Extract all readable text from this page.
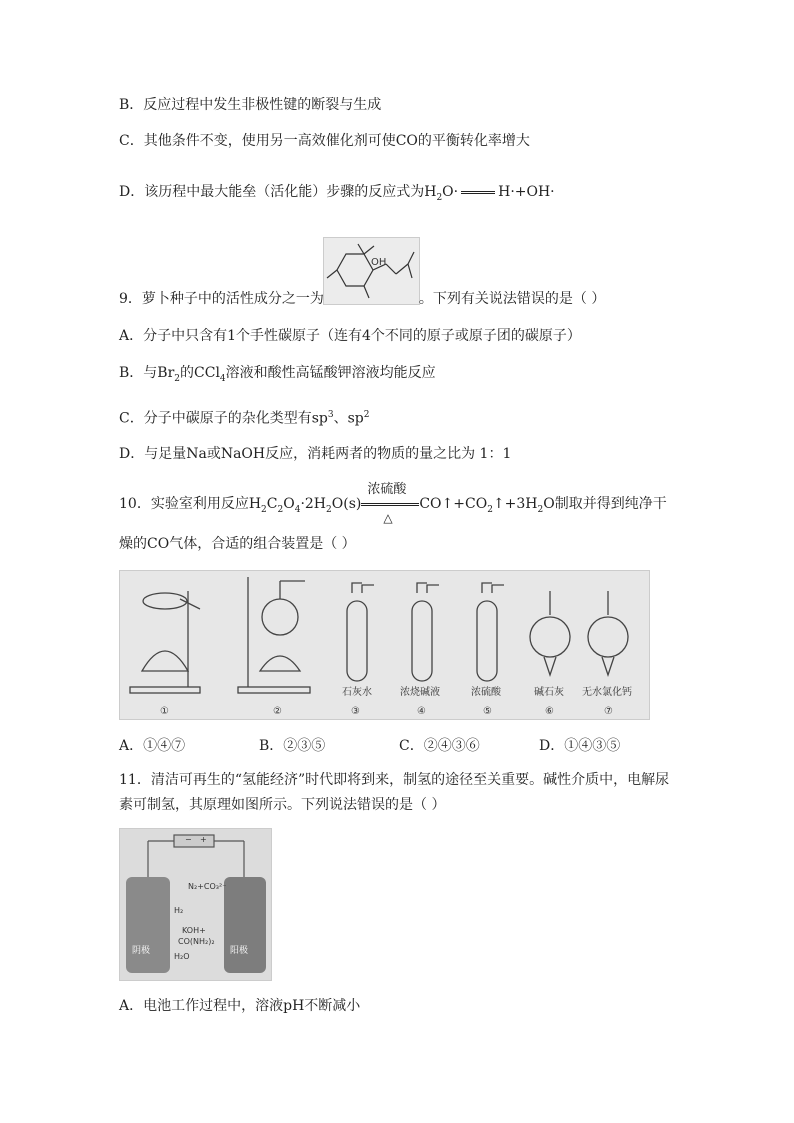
B．反应过程中发生非极性键的断裂与生成
C．其他条件不变，使用另一高效催化剂可使CO的平衡转化率增大
D．该历程中最大能垒（活化能）步骤的反应式为$H_2O\cdot$	H·+OH·
OH
9．萝卜种子中的活性成分之一为	。下列有关说法错误的是（ ）
A．分子中只含有1个手性碳原子（连有4个不同的原子或原子团的碳原子）
B．与$Br_2$的CCl$_4$溶液和酸性高锰酸钾溶液均能反应
C．分子中碳原子的杂化类型有$sp^3$、$sp^2$
D．与足量Na或NaOH反应，消耗两者的物质的量之比为 1：1
10．实验室利用反应$H_2C_2O_4\cdot 2H_2O(s)$
浓硫酸
△
$CO↑+CO_2↑+3H_2O$制取并得到纯净干
燥的CO气体，合适的组合装置是（ ）
①	②	③	④	⑤	⑥	⑦
石灰水	浓烧碱液	浓硫酸	碱石灰 无水氯化钙
A．①④⑦	B．②③⑤	C．②④③⑥	D．①④③⑤
11．清洁可再生的“氢能经济”时代即将到来，制氢的途径至关重要。碱性介质中，电解尿
素可制氢，其原理如图所示。下列说法错误的是（ ）
− +
N₂+CO₃²⁻
KOH+
CO(NH₂)₂
H₂
H₂O
阴极	阳极
A．电池工作过程中，溶液pH不断减小
